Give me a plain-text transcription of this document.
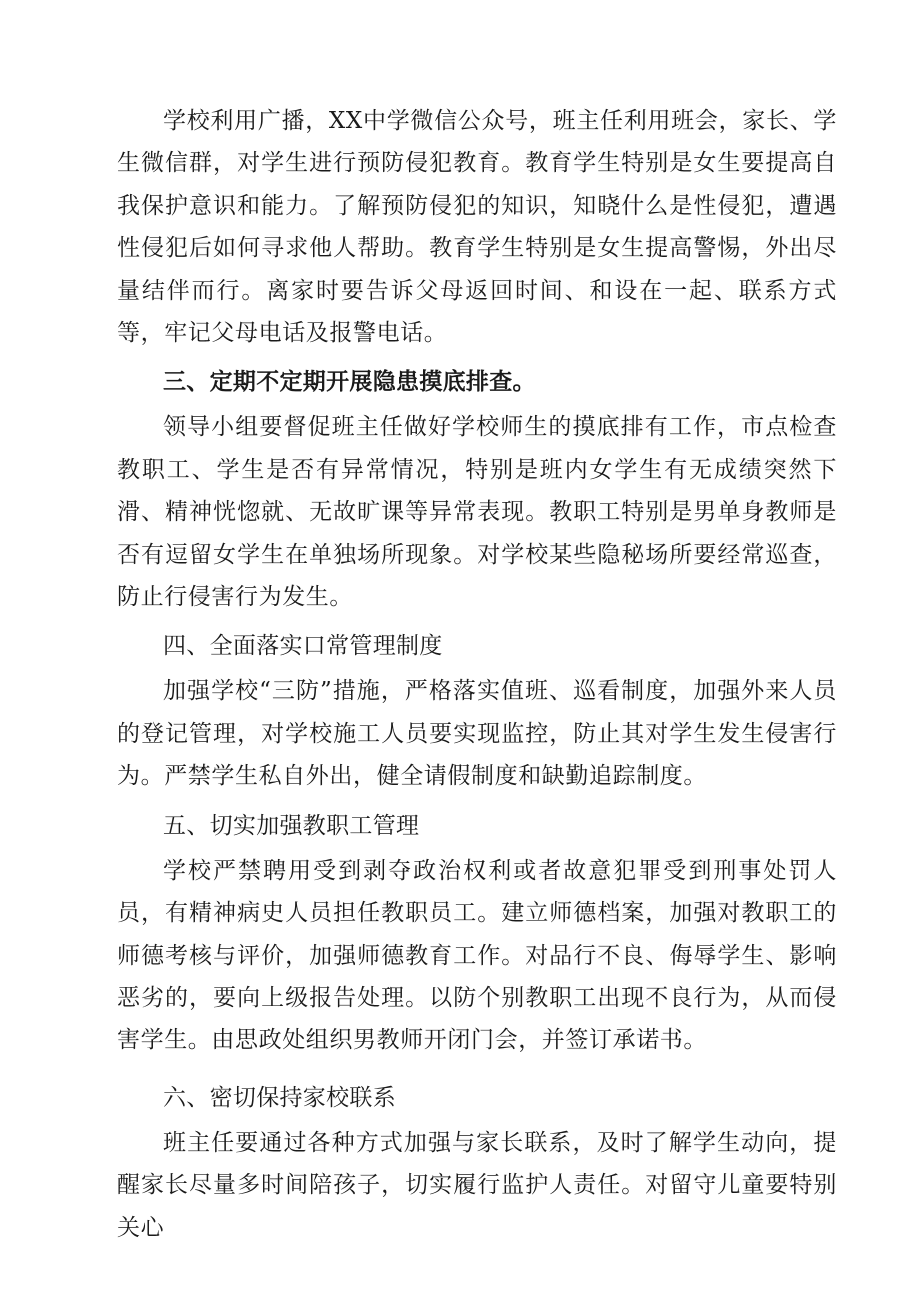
学校利用广播，XX中学微信公众号，班主任利用班会，家长、学生微信群，对学生进行预防侵犯教育。教育学生特别是女生要提高自我保护意识和能力。了解预防侵犯的知识，知晓什么是性侵犯，遭遇性侵犯后如何寻求他人帮助。教育学生特别是女生提高警惕，外出尽量结伴而行。离家时要告诉父母返回时间、和设在一起、联系方式等，牢记父母电话及报警电话。

三、定期不定期开展隐患摸底排查。

领导小组要督促班主任做好学校师生的摸底排有工作，市点检查教职工、学生是否有异常情况，特别是班内女学生有无成绩突然下滑、精神恍惚就、无故旷课等异常表现。教职工特别是男单身教师是否有逗留女学生在单独场所现象。对学校某些隐秘场所要经常巡查，防止行侵害行为发生。

四、全面落实口常管理制度

加强学校“三防”措施，严格落实值班、巡看制度，加强外来人员的登记管理，对学校施工人员要实现监控，防止其对学生发生侵害行为。严禁学生私自外出，健全请假制度和缺勤追踪制度。

五、切实加强教职工管理

学校严禁聘用受到剥夺政治权利或者故意犯罪受到刑事处罚人员，有精神病史人员担任教职员工。建立师德档案，加强对教职工的师德考核与评价，加强师德教育工作。对品行不良、侮辱学生、影响恶劣的，要向上级报告处理。以防个别教职工出现不良行为，从而侵害学生。由思政处组织男教师开闭门会，并签订承诺书。

六、密切保持家校联系

班主任要通过各种方式加强与家长联系，及时了解学生动向，提醒家长尽量多时间陪孩子，切实履行监护人责任。对留守儿童要特别关心
